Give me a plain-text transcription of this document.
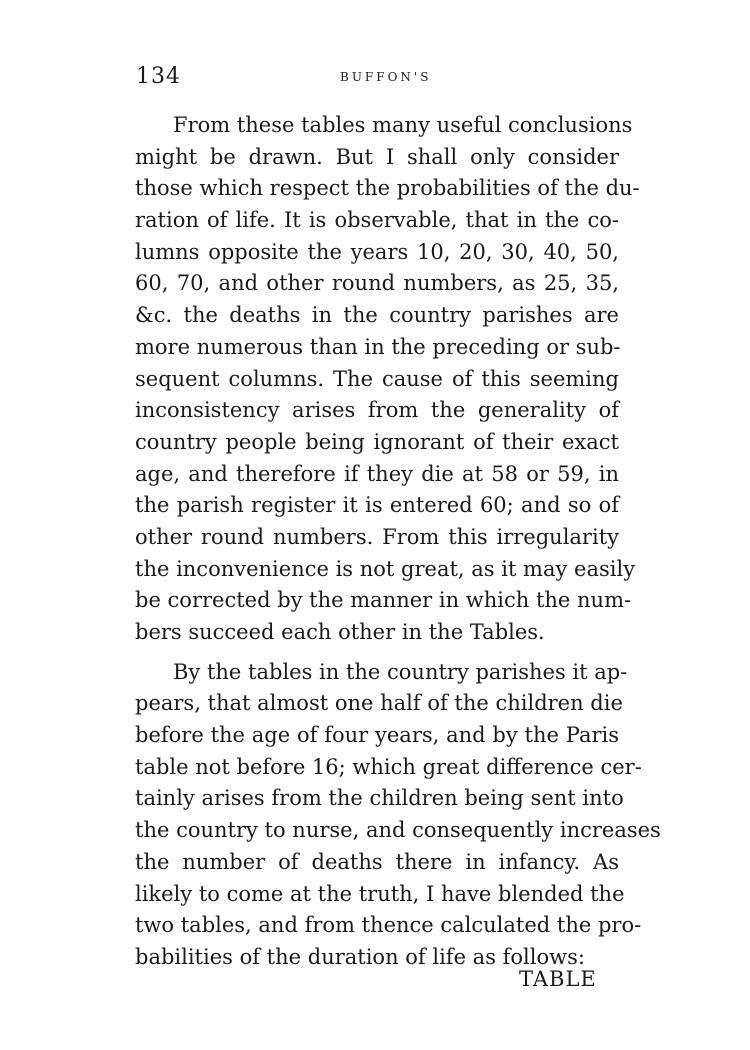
134	BUFFON'S
From these tables many useful conclusions
might be drawn. But I shall only consider
those which respect the probabilities of the du-
ration of life. It is observable, that in the co-
lumns opposite the years 10, 20, 30, 40, 50,
60, 70, and other round numbers, as 25, 35,
&c. the deaths in the country parishes are
more numerous than in the preceding or sub-
sequent columns. The cause of this seeming
inconsistency arises from the generality of
country people being ignorant of their exact
age, and therefore if they die at 58 or 59, in
the parish register it is entered 60; and so of
other round numbers. From this irregularity
the inconvenience is not great, as it may easily
be corrected by the manner in which the num-
bers succeed each other in the Tables.
By the tables in the country parishes it ap-
pears, that almost one half of the children die
before the age of four years, and by the Paris
table not before 16; which great difference cer-
tainly arises from the children being sent into
the country to nurse, and consequently increases
the number of deaths there in infancy. As
likely to come at the truth, I have blended the
two tables, and from thence calculated the pro-
babilities of the duration of life as follows:
TABLE
